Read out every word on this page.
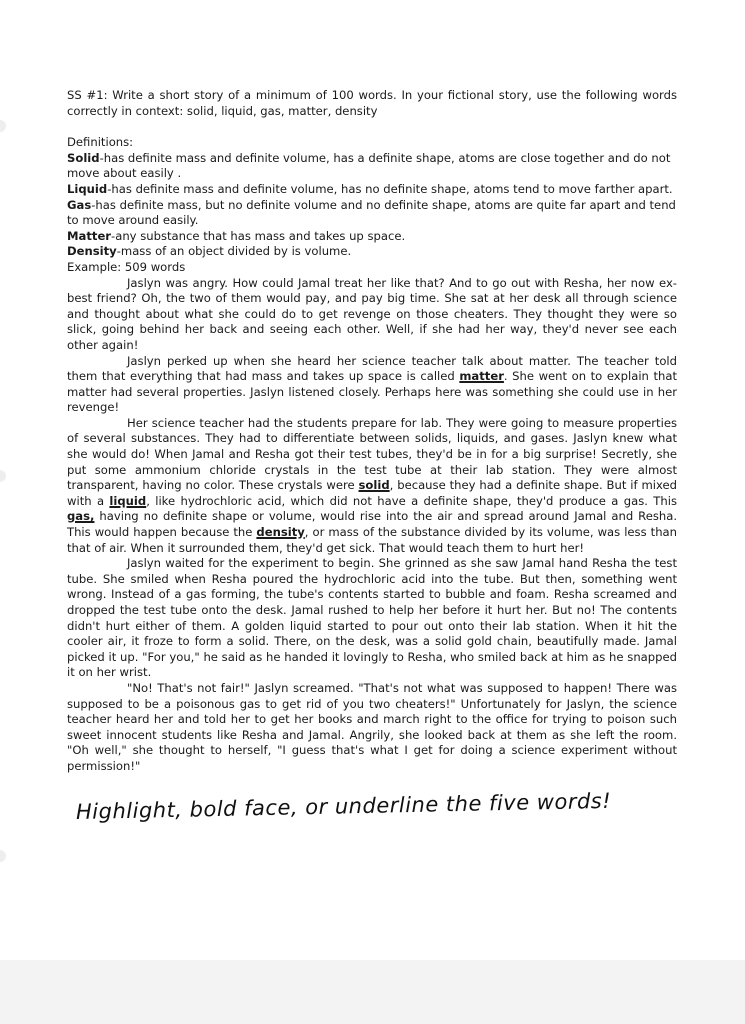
SS #1: Write a short story of a minimum of 100 words. In your fictional story, use the following words correctly in context: solid, liquid, gas, matter, density

Definitions:

Solid-has definite mass and definite volume, has a definite shape, atoms are close together and do not move about easily .

Liquid-has definite mass and definite volume, has no definite shape, atoms tend to move farther apart.

Gas-has definite mass, but no definite volume and no definite shape, atoms are quite far apart and tend to move around easily.

Matter-any substance that has mass and takes up space.

Density-mass of an object divided by is volume.

Example: 509 words

Jaslyn was angry. How could Jamal treat her like that? And to go out with Resha, her now ex-best friend? Oh, the two of them would pay, and pay big time. She sat at her desk all through science and thought about what she could do to get revenge on those cheaters. They thought they were so slick, going behind her back and seeing each other. Well, if she had her way, they'd never see each other again!

Jaslyn perked up when she heard her science teacher talk about matter. The teacher told them that everything that had mass and takes up space is called matter. She went on to explain that matter had several properties. Jaslyn listened closely. Perhaps here was something she could use in her revenge!

Her science teacher had the students prepare for lab. They were going to measure properties of several substances. They had to differentiate between solids, liquids, and gases. Jaslyn knew what she would do! When Jamal and Resha got their test tubes, they'd be in for a big surprise! Secretly, she put some ammonium chloride crystals in the test tube at their lab station. They were almost transparent, having no color. These crystals were solid, because they had a definite shape. But if mixed with a liquid, like hydrochloric acid, which did not have a definite shape, they'd produce a gas. This gas, having no definite shape or volume, would rise into the air and spread around Jamal and Resha. This would happen because the density, or mass of the substance divided by its volume, was less than that of air. When it surrounded them, they'd get sick. That would teach them to hurt her!

Jaslyn waited for the experiment to begin. She grinned as she saw Jamal hand Resha the test tube. She smiled when Resha poured the hydrochloric acid into the tube. But then, something went wrong. Instead of a gas forming, the tube's contents started to bubble and foam. Resha screamed and dropped the test tube onto the desk. Jamal rushed to help her before it hurt her. But no! The contents didn't hurt either of them. A golden liquid started to pour out onto their lab station. When it hit the cooler air, it froze to form a solid. There, on the desk, was a solid gold chain, beautifully made. Jamal picked it up. "For you," he said as he handed it lovingly to Resha, who smiled back at him as he snapped it on her wrist.

"No! That's not fair!" Jaslyn screamed. "That's not what was supposed to happen! There was supposed to be a poisonous gas to get rid of you two cheaters!" Unfortunately for Jaslyn, the science teacher heard her and told her to get her books and march right to the office for trying to poison such sweet innocent students like Resha and Jamal. Angrily, she looked back at them as she left the room. "Oh well," she thought to herself, "I guess that's what I get for doing a science experiment without permission!"

Highlight, bold face, or underline the five words!
